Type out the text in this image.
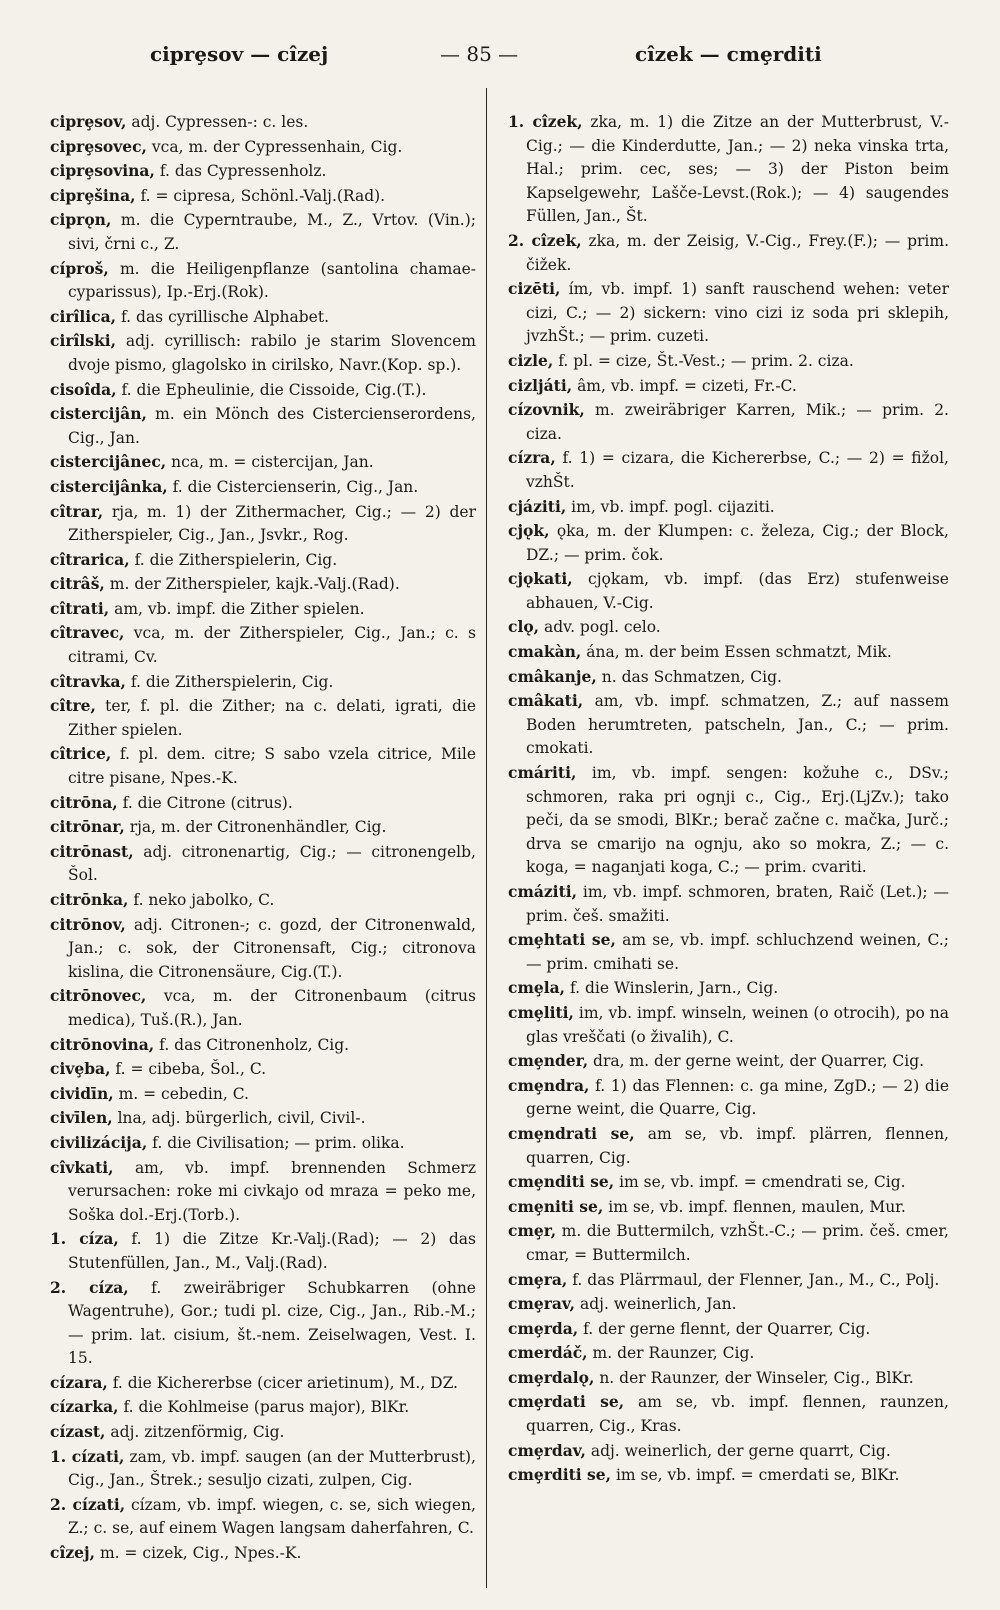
ciprȩsov — cîzej	— 85 —	cîzek — cmȩrditi

ciprȩsov, adj. Cypressen-: c. les.

ciprȩsovec, vca, m. der Cypressenhain, Cig.

ciprȩsovina, f. das Cypressenholz.

ciprȩšina, f. = cipresa, Schönl.-Valj.(Rad).

ciprǫn, m. die Cyperntraube, M., Z., Vrtov. (Vin.); sivi, črni c., Z.

cíproš, m. die Heiligenpflanze (santolina chamae-cyparissus), Ip.-Erj.(Rok).

cirîlica, f. das cyrillische Alphabet.

cirîlski, adj. cyrillisch: rabilo je starim Slovencem dvoje pismo, glagolsko in cirilsko, Navr.(Kop. sp.).

cisoîda, f. die Epheulinie, die Cissoide, Cig.(T.).

cistercijân, m. ein Mönch des Cistercienserordens, Cig., Jan.

cistercijânec, nca, m. = cistercijan, Jan.

cistercijânka, f. die Cistercienserin, Cig., Jan.

cîtrar, rja, m. 1) der Zithermacher, Cig.; — 2) der Zitherspieler, Cig., Jan., Jsvkr., Rog.

cîtrarica, f. die Zitherspielerin, Cig.

citrâš, m. der Zitherspieler, kajk.-Valj.(Rad).

cîtrati, am, vb. impf. die Zither spielen.

cîtravec, vca, m. der Zitherspieler, Cig., Jan.; c. s citrami, Cv.

cîtravka, f. die Zitherspielerin, Cig.

cître, ter, f. pl. die Zither; na c. delati, igrati, die Zither spielen.

cîtrice, f. pl. dem. citre; S sabo vzela citrice, Mile citre pisane, Npes.-K.

citrōna, f. die Citrone (citrus).

citrōnar, rja, m. der Citronenhändler, Cig.

citrōnast, adj. citronenartig, Cig.; — citronengelb, Šol.

citrōnka, f. neko jabolko, C.

citrōnov, adj. Citronen-; c. gozd, der Citronenwald, Jan.; c. sok, der Citronensaft, Cig.; citronova kislina, die Citronensäure, Cig.(T.).

citrōnovec, vca, m. der Citronenbaum (citrus medica), Tuš.(R.), Jan.

citrōnovina, f. das Citronenholz, Cig.

civȩba, f. = cibeba, Šol., C.

cividīn, m. = cebedin, C.

civīlen, lna, adj. bürgerlich, civil, Civil-.

civilizácija, f. die Civilisation; — prim. olika.

cîvkati, am, vb. impf. brennenden Schmerz verursachen: roke mi civkajo od mraza = peko me, Soška dol.-Erj.(Torb.).

1. cíza, f. 1) die Zitze Kr.-Valj.(Rad); — 2) das Stutenfüllen, Jan., M., Valj.(Rad).

2. cíza, f. zweiräbriger Schubkarren (ohne Wagentruhe), Gor.; tudi pl. cize, Cig., Jan., Rib.-M.; — prim. lat. cisium, št.-nem. Zeiselwagen, Vest. I. 15.

cízara, f. die Kichererbse (cicer arietinum), M., DZ.

cízarka, f. die Kohlmeise (parus major), BlKr.

cízast, adj. zitzenförmig, Cig.

1. cízati, zam, vb. impf. saugen (an der Mutterbrust), Cig., Jan., Štrek.; sesuljo cizati, zulpen, Cig.

2. cízati, cízam, vb. impf. wiegen, c. se, sich wiegen, Z.; c. se, auf einem Wagen langsam daherfahren, C.

cîzej, m. = cizek, Cig., Npes.-K.

1. cîzek, zka, m. 1) die Zitze an der Mutterbrust, V.-Cig.; — die Kinderdutte, Jan.; — 2) neka vinska trta, Hal.; prim. cec, ses; — 3) der Piston beim Kapselgewehr, Lašče-Levst.(Rok.); — 4) saugendes Füllen, Jan., Št.

2. cîzek, zka, m. der Zeisig, V.-Cig., Frey.(F.); — prim. čižek.

cizēti, ím, vb. impf. 1) sanft rauschend wehen: veter cizi, C.; — 2) sickern: vino cizi iz soda pri sklepih, jvzhŠt.; — prim. cuzeti.

cizle, f. pl. = cize, Št.-Vest.; — prim. 2. ciza.

cizljáti, âm, vb. impf. = cizeti, Fr.-C.

cízovnik, m. zweiräbriger Karren, Mik.; — prim. 2. ciza.

cízra, f. 1) = cizara, die Kichererbse, C.; — 2) = fižol, vzhŠt.

cjáziti, im, vb. impf. pogl. cijaziti.

cjǫk, ǫka, m. der Klumpen: c. železa, Cig.; der Block, DZ.; — prim. čok.

cjǫkati, cjǫkam, vb. impf. (das Erz) stufenweise abhauen, V.-Cig.

clǫ, adv. pogl. celo.

cmakàn, ána, m. der beim Essen schmatzt, Mik.

cmâkanje, n. das Schmatzen, Cig.

cmâkati, am, vb. impf. schmatzen, Z.; auf nassem Boden herumtreten, patscheln, Jan., C.; — prim. cmokati.

cmáriti, im, vb. impf. sengen: kožuhe c., DSv.; schmoren, raka pri ognji c., Cig., Erj.(LjZv.); tako peči, da se smodi, BlKr.; berač začne c. mačka, Jurč.; drva se cmarijo na ognju, ako so mokra, Z.; — c. koga, = naganjati koga, C.; — prim. cvariti.

cmáziti, im, vb. impf. schmoren, braten, Raič (Let.); — prim. češ. smažiti.

cmȩhtati se, am se, vb. impf. schluchzend weinen, C.; — prim. cmihati se.

cmȩla, f. die Winslerin, Jarn., Cig.

cmȩliti, im, vb. impf. winseln, weinen (o otrocih), po na glas vreščati (o živalih), C.

cmȩnder, dra, m. der gerne weint, der Quarrer, Cig.

cmȩndra, f. 1) das Flennen: c. ga mine, ZgD.; — 2) die gerne weint, die Quarre, Cig.

cmȩndrati se, am se, vb. impf. plärren, flennen, quarren, Cig.

cmȩnditi se, im se, vb. impf. = cmendrati se, Cig.

cmȩniti se, im se, vb. impf. flennen, maulen, Mur.

cmȩr, m. die Buttermilch, vzhŠt.-C.; — prim. češ. cmer, cmar, = Buttermilch.

cmȩra, f. das Plärrmaul, der Flenner, Jan., M., C., Polj.

cmȩrav, adj. weinerlich, Jan.

cmȩrda, f. der gerne flennt, der Quarrer, Cig.

cmerdáč, m. der Raunzer, Cig.

cmȩrdalǫ, n. der Raunzer, der Winseler, Cig., BlKr.

cmȩrdati se, am se, vb. impf. flennen, raunzen, quarren, Cig., Kras.

cmȩrdav, adj. weinerlich, der gerne quarrt, Cig.

cmȩrditi se, im se, vb. impf. = cmerdati se, BlKr.
